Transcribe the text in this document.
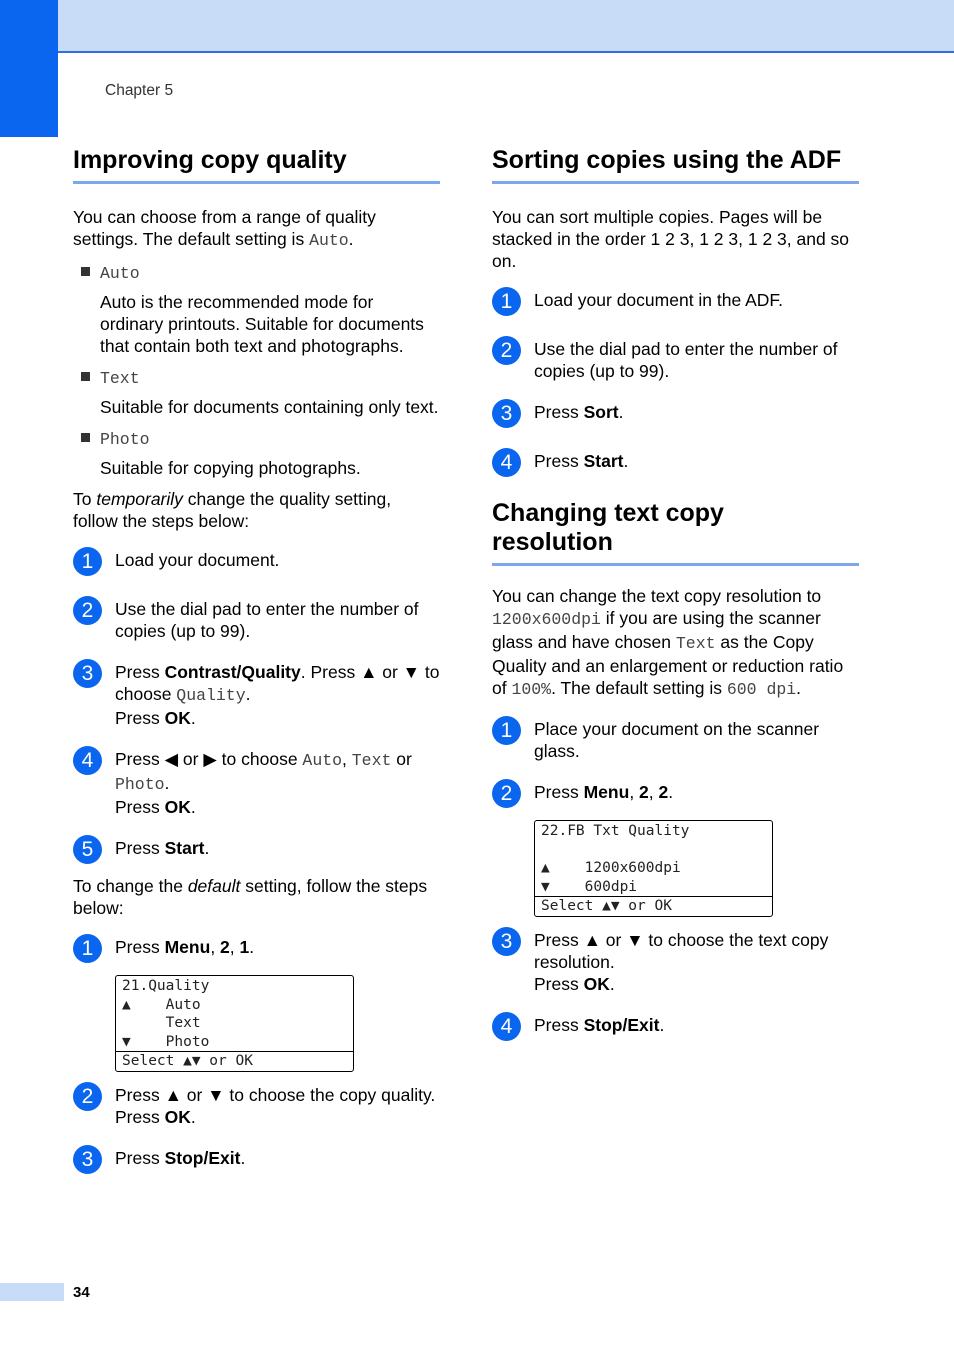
Chapter 5
Improving copy quality

You can choose from a range of quality settings. The default setting is Auto.

Auto

Auto is the recommended mode for ordinary printouts. Suitable for documents that contain both text and photographs.

Text

Suitable for documents containing only text.

Photo

Suitable for copying photographs.

To temporarily change the quality setting, follow the steps below:

1	Load your document.
2	Use the dial pad to enter the number of copies (up to 99).
3	Press Contrast/Quality. Press ▲ or ▼ to choose Quality.
Press OK.
4	Press ◀ or ▶ to choose Auto, Text or
Photo.
Press OK.
5	Press Start.

To change the default setting, follow the steps below:

1	Press Menu, 2, 1.
21.Quality
▲    Auto
Text
▼    Photo
Select ▲▼ or OK
2	Press ▲ or ▼ to choose the copy quality.
Press OK.
3	Press Stop/Exit.
Sorting copies using the ADF

You can sort multiple copies. Pages will be stacked in the order 1 2 3, 1 2 3, 1 2 3, and so on.

1	Load your document in the ADF.
2	Use the dial pad to enter the number of copies (up to 99).
3	Press Sort.
4	Press Start.
Changing text copy resolution

You can change the text copy resolution to 1200x600dpi if you are using the scanner glass and have chosen Text as the Copy Quality and an enlargement or reduction ratio of 100%. The default setting is 600 dpi.

1	Place your document on the scanner glass.
2	Press Menu, 2, 2.
22.FB Txt Quality

▲    1200x600dpi
▼    600dpi
Select ▲▼ or OK
3	Press ▲ or ▼ to choose the text copy resolution.
Press OK.
4	Press Stop/Exit.
34
